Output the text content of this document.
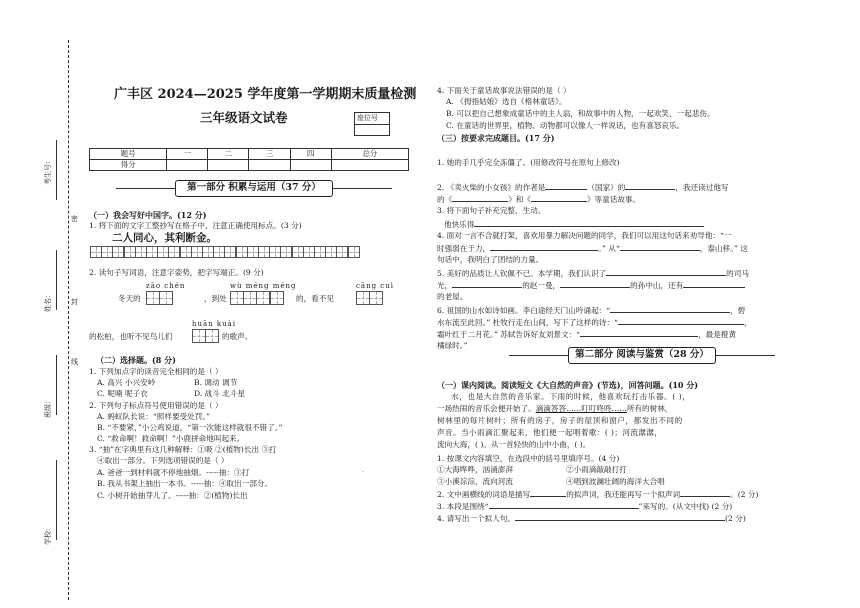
考生号：
姓名：
班级：
学校：
密
封
线
广丰区 2024—2025 学年度第一学期期末质量检测
三年级语文试卷	座位号
题号	一	二	三	四	总分
得分					
第一部分 积累与运用（37 分）
（一）我会写好中国字。(12 分)
1. 将下面的文字工整抄写在格子中，注意正确使用标点。(3 分)
二人同心，其利断金。
2. 读句子写词语，注意字姿势，把字写端正。(9 分)
冬天的
zāo chén
，到处
wù méng méng
的，看不见
cāng cuì
的松柏，也听不见鸟儿们
huān kuài
的歌声。
（二）选择题。(8 分)
1. 下列加点字的读音完全相同的是（ ）
A. 高兴 小兴安岭	B. 调动 调节
C. 呢喃 呢子衣	D. 战斗 北斗星
2. 下列句子标点符号使用错误的是（ ）
A. 蚂蚁队长说：“照样要受处罚。”
B. “不要紧，”小公鸡说道，“第一次能这样就很不错了。”
C. “救命啊！救命啊！”小鹿拼命地叫起来。
3. “抽”在字典里有这几种解释：①吸 ②(植物)长出 ③打
④取出一部分。下列选项错误的是（ ）
A. 爸爸一到材料就不停地抽烟。-----抽：③打
B. 我从书架上抽出一本书。-----抽：④取出一部分。
C. 小树开始抽芽儿了。-----抽：②(植物)长出
.
4. 下面关于童话故事说法错误的是（ ）
A. 《拇指姑娘》选自《格林童话》。
B. 可以把自己想象成童话中的主人翁，和故事中的人物，一起欢笑，一起悲伤。
C. 在童话的世界里，植物、动物都可以像人一样说话，也有喜怒哀乐。
（三）按要求完成题目。(17 分)
1. 她的手几乎完全冻僵了。(用修改符号在原句上修改)
2. 《卖火柴的小女孩》的作者是	（国家）的	，我还读过他写
的《	》和《	》等童话故事。
3. 将下面句子补充完整、生动。
他快乐得
4. 面对一言不合就打架，喜欢用暴力解决问题的同学，我们可以用这句话来劝导他：“一
时强弱在于力，	。” 从“	，泰山移。” 这
句话中，我明白了团结的力量。
5. 美好的品质让人钦佩不已。本学期，我们认识了	的司马
光，	的赵一曼，	的孙中山，还有
的老屋。
6. 祖国的山水如诗如画。李白途经天门山吟诵起：“	，碧
水东流至此回。” 杜牧行走在山间，写下了这样的诗：“	，
霜叶红于二月花。” 苏轼告诉好友刘景文：“	，最是橙黄
橘绿时。”
第二部分 阅读与鉴赏（28 分）
（一）课内阅读。阅读短文《大自然的声音》(节选)，回答问题。(10 分)
水，也是大自然的音乐家。下雨的时候，他喜欢玩打击乐器。( )，
一场热闹的音乐会便开始了。滴滴答答……叮叮咚咚……所有的树林，
树林里的每片树叶；所有的房子，房子的屋顶和窗户，都发出不同的
声音。当小雨滴汇聚起来，他们便一起唱着歌：( )；河流潺潺，
流向大海，( )。从一首轻快的山中小曲，( )。
1. 按课文内容填空，在选段中的括号里填序号。(4 分)
①大海哗哗，汹涌澎湃	②小雨滴敲敲打打
③小溪淙淙，流向河流	④唱到波澜壮阔的海洋大合唱
2. 文中画横线的词语是描写	的拟声词，我还能再写一个拟声词	。(2 分)
3. 本段是围绕“	”来写的。(从文中找) (2 分)
4. 请写出一个拟人句。	(2 分)
